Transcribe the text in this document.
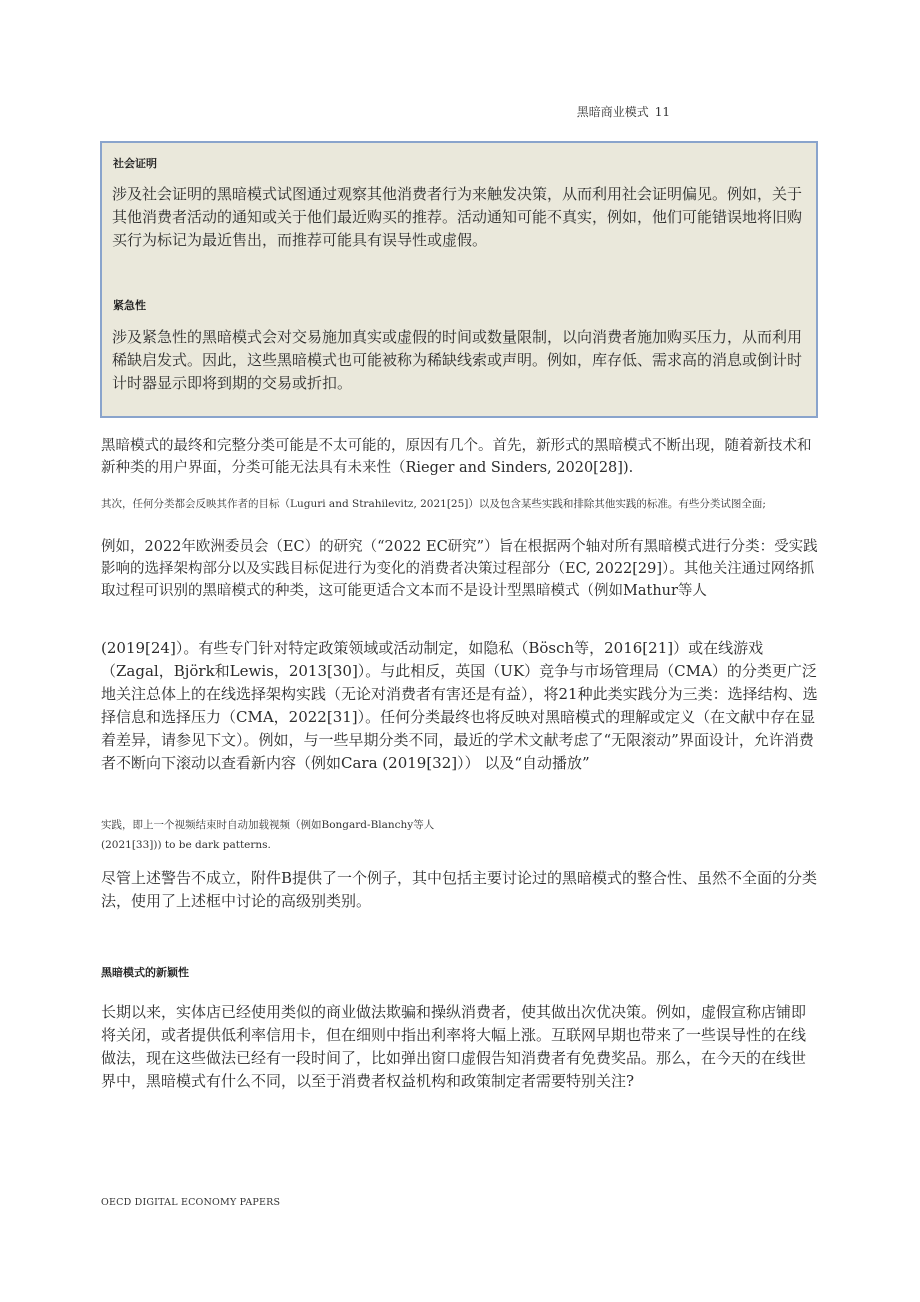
黑暗商业模式 11
社会证明
涉及社会证明的黑暗模式试图通过观察其他消费者行为来触发决策，从而利用社会证明偏见。例如，关于其他消费者活动的通知或关于他们最近购买的推荐。活动通知可能不真实，例如，他们可能错误地将旧购买行为标记为最近售出，而推荐可能具有误导性或虚假。
紧急性
涉及紧急性的黑暗模式会对交易施加真实或虚假的时间或数量限制，以向消费者施加购买压力，从而利用稀缺启发式。因此，这些黑暗模式也可能被称为稀缺线索或声明。例如，库存低、需求高的消息或倒计时计时器显示即将到期的交易或折扣。
黑暗模式的最终和完整分类可能是不太可能的，原因有几个。首先，新形式的黑暗模式不断出现，随着新技术和新种类的用户界面，分类可能无法具有未来性（Rieger and Sinders, 2020[28]).
其次，任何分类都会反映其作者的目标（Luguri and Strahilevitz, 2021[25]）以及包含某些实践和排除其他实践的标准。有些分类试图全面;
例如，2022年欧洲委员会（EC）的研究（“2022 EC研究”）旨在根据两个轴对所有黑暗模式进行分类：受实践影响的选择架构部分以及实践目标促进行为变化的消费者决策过程部分（EC, 2022[29]）。其他关注通过网络抓取过程可识别的黑暗模式的种类，这可能更适合文本而不是设计型黑暗模式（例如Mathur等人
(2019[24]）。有些专门针对特定政策领域或活动制定，如隐私（Bösch等，2016[21]）或在线游戏（Zagal，Björk和Lewis，2013[30]）。与此相反，英国（UK）竞争与市场管理局（CMA）的分类更广泛地关注总体上的在线选择架构实践（无论对消费者有害还是有益），将21种此类实践分为三类：选择结构、选择信息和选择压力（CMA，2022[31]）。任何分类最终也将反映对黑暗模式的理解或定义（在文献中存在显着差异，请参见下文）。例如，与一些早期分类不同，最近的学术文献考虑了“无限滚动”界面设计，允许消费者不断向下滚动以查看新内容（例如Cara (2019[32]）） 以及“自动播放”
实践，即上一个视频结束时自动加载视频（例如Bongard-Blanchy等人
(2021[33])) to be dark patterns.
尽管上述警告不成立，附件B提供了一个例子，其中包括主要讨论过的黑暗模式的整合性、虽然不全面的分类法，使用了上述框中讨论的高级别类别。
黑暗模式的新颖性
长期以来，实体店已经使用类似的商业做法欺骗和操纵消费者，使其做出次优决策。例如，虚假宣称店铺即将关闭，或者提供低利率信用卡，但在细则中指出利率将大幅上涨。互联网早期也带来了一些误导性的在线做法，现在这些做法已经有一段时间了，比如弹出窗口虚假告知消费者有免费奖品。那么，在今天的在线世界中，黑暗模式有什么不同，以至于消费者权益机构和政策制定者需要特别关注?
OECD DIGITAL ECONOMY PAPERS
